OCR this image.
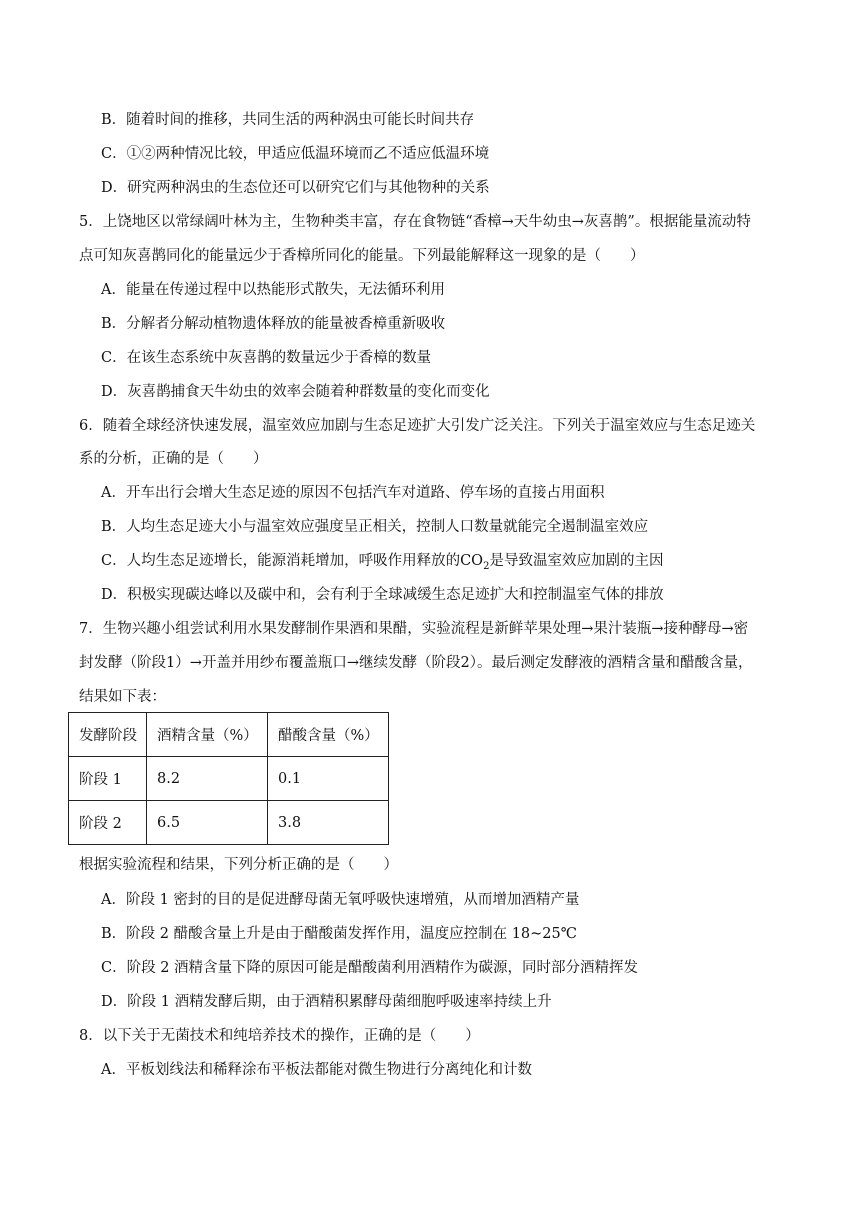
B．随着时间的推移，共同生活的两种涡虫可能长时间共存
C．①②两种情况比较，甲适应低温环境而乙不适应低温环境
D．研究两种涡虫的生态位还可以研究它们与其他物种的关系
5．上饶地区以常绿阔叶林为主，生物种类丰富，存在食物链“香樟→天牛幼虫→灰喜鹊”。根据能量流动特
点可知灰喜鹊同化的能量远少于香樟所同化的能量。下列最能解释这一现象的是（　　）
A．能量在传递过程中以热能形式散失，无法循环利用
B．分解者分解动植物遗体释放的能量被香樟重新吸收
C．在该生态系统中灰喜鹊的数量远少于香樟的数量
D．灰喜鹊捕食天牛幼虫的效率会随着种群数量的变化而变化
6．随着全球经济快速发展，温室效应加剧与生态足迹扩大引发广泛关注。下列关于温室效应与生态足迹关
系的分析，正确的是（　　）
A．开车出行会增大生态足迹的原因不包括汽车对道路、停车场的直接占用面积
B．人均生态足迹大小与温室效应强度呈正相关，控制人口数量就能完全遏制温室效应
C．人均生态足迹增长，能源消耗增加，呼吸作用释放的$CO_2$是导致温室效应加剧的主因
D．积极实现碳达峰以及碳中和，会有利于全球减缓生态足迹扩大和控制温室气体的排放
7．生物兴趣小组尝试利用水果发酵制作果酒和果醋，实验流程是新鲜苹果处理→果汁装瓶→接种酵母→密
封发酵（阶段1）→开盖并用纱布覆盖瓶口→继续发酵（阶段2）。最后测定发酵液的酒精含量和醋酸含量，
结果如下表：
发酵阶段	酒精含量（%）	醋酸含量（%）
阶段 1	8.2	0.1
阶段 2	6.5	3.8
根据实验流程和结果，下列分析正确的是（　　）
A．阶段 1 密封的目的是促进酵母菌无氧呼吸快速增殖，从而增加酒精产量
B．阶段 2 醋酸含量上升是由于醋酸菌发挥作用，温度应控制在 18~25℃
C．阶段 2 酒精含量下降的原因可能是醋酸菌利用酒精作为碳源，同时部分酒精挥发
D．阶段 1 酒精发酵后期，由于酒精积累酵母菌细胞呼吸速率持续上升
8．以下关于无菌技术和纯培养技术的操作，正确的是（　　）
A．平板划线法和稀释涂布平板法都能对微生物进行分离纯化和计数
